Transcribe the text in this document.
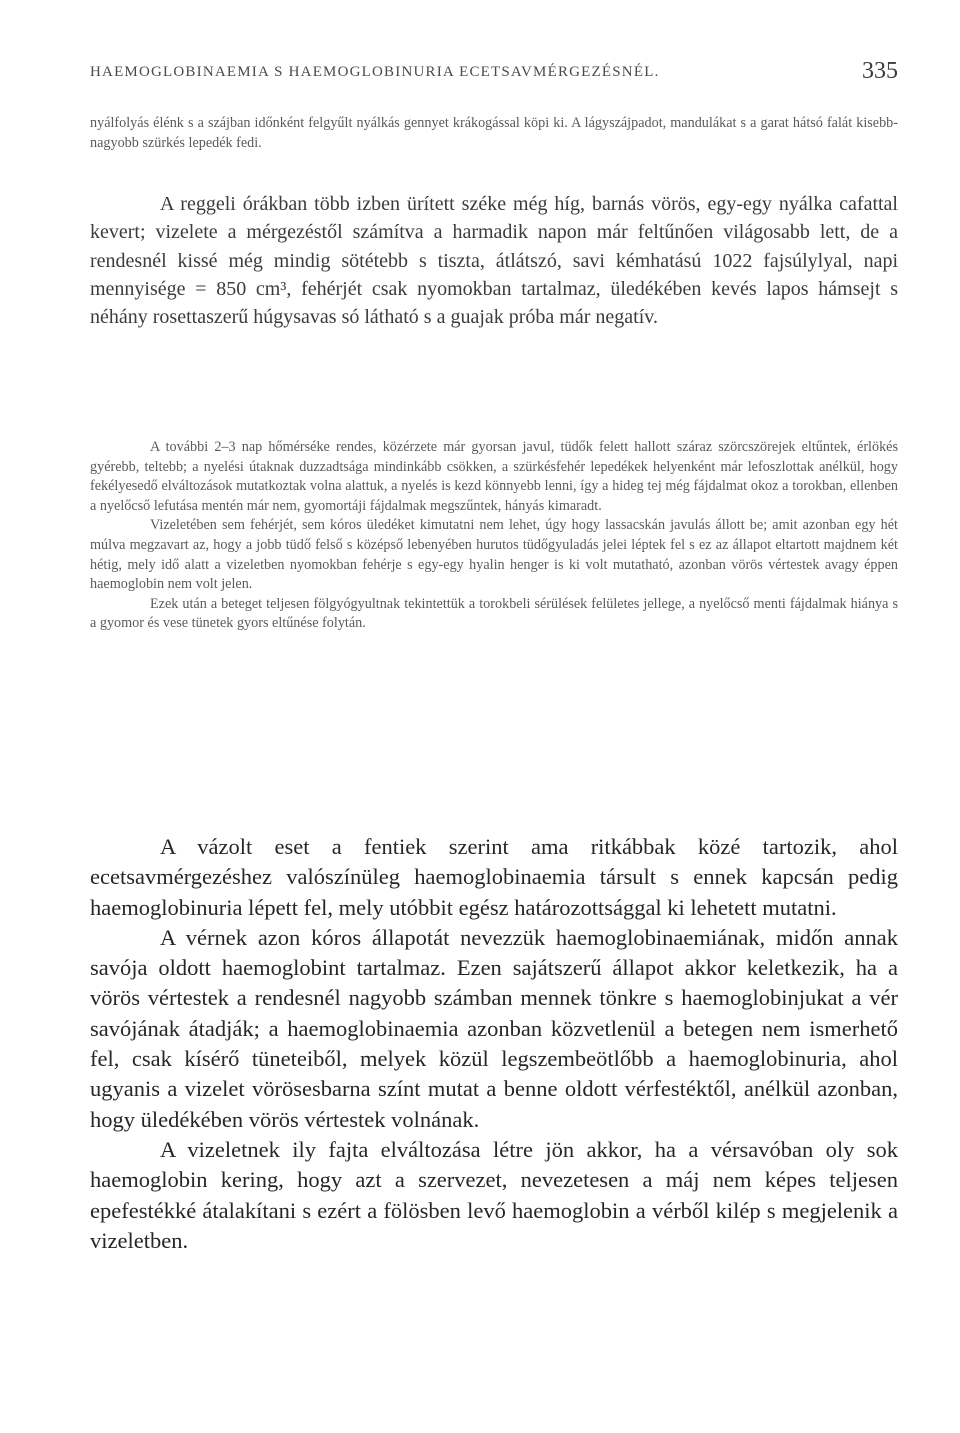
HAEMOGLOBINAEMIA S HAEMOGLOBINURIA ECETSAVMÉRGEZÉSNÉL.	335

nyálfolyás élénk s a szájban időnként felgyűlt nyálkás gennyet krákogással köpi ki. A lágyszájpadot, mandulákat s a garat hátsó falát kisebb-nagyobb szürkés lepedék fedi.

A reggeli órákban több izben ürített széke még híg, barnás vörös, egy-egy nyálka cafattal kevert; vizelete a mérgezéstől számítva a harmadik napon már feltűnően világosabb lett, de a rendesnél kissé még mindig sötétebb s tiszta, átlátszó, savi kémhatású 1022 fajsúlylyal, napi mennyisége = 850 cm³, fehérjét csak nyomokban tartalmaz, üledékében kevés lapos hámsejt s néhány rosettaszerű húgysavas só látható s a guajak próba már negatív.

A további 2–3 nap hőmérséke rendes, közérzete már gyorsan javul, tüdők felett hallott száraz szörcszörejek eltűntek, érlökés gyérebb, teltebb; a nyelési útaknak duzzadtsága mindinkább csökken, a szürkésfehér lepedékek helyenként már lefoszlottak anélkül, hogy fekélyesedő elváltozások mutatkoztak volna alattuk, a nyelés is kezd könnyebb lenni, így a hideg tej még fájdalmat okoz a torokban, ellenben a nyelőcső lefutása mentén már nem, gyomortáji fájdalmak megszűntek, hányás kimaradt.

Vizeletében sem fehérjét, sem kóros üledéket kimutatni nem lehet, úgy hogy lassacskán javulás állott be; amit azonban egy hét múlva megzavart az, hogy a jobb tüdő felső s középső lebenyében hurutos tüdőgyuladás jelei léptek fel s ez az állapot eltartott majdnem két hétig, mely idő alatt a vizeletben nyomokban fehérje s egy-egy hyalin henger is ki volt mutatható, azonban vörös vértestek avagy éppen haemoglobin nem volt jelen.

Ezek után a beteget teljesen fölgyógyultnak tekintettük a torokbeli sérülések felületes jellege, a nyelőcső menti fájdalmak hiánya s a gyomor és vese tünetek gyors eltűnése folytán.

A vázolt eset a fentiek szerint ama ritkábbak közé tartozik, ahol ecetsavmérgezéshez valószínüleg haemoglobinaemia társult s ennek kapcsán pedig haemoglobinuria lépett fel, mely utóbbit egész határozottsággal ki lehetett mutatni.

A vérnek azon kóros állapotát nevezzük haemoglobinaemiának, midőn annak savója oldott haemoglobint tartalmaz. Ezen sajátszerű állapot akkor keletkezik, ha a vörös vértestek a rendesnél nagyobb számban mennek tönkre s haemoglobinjukat a vér savójának átadják; a haemoglobinaemia azonban közvetlenül a betegen nem ismerhető fel, csak kísérő tüneteiből, melyek közül legszembeötlőbb a haemoglobinuria, ahol ugyanis a vizelet vörösesbarna színt mutat a benne oldott vérfestéktől, anélkül azonban, hogy üledékében vörös vértestek volnának.

A vizeletnek ily fajta elváltozása létre jön akkor, ha a vérsavóban oly sok haemoglobin kering, hogy azt a szervezet, nevezetesen a máj nem képes teljesen epefestékké átalakítani s ezért a fölösben levő haemoglobin a vérből kilép s megjelenik a vizeletben.
